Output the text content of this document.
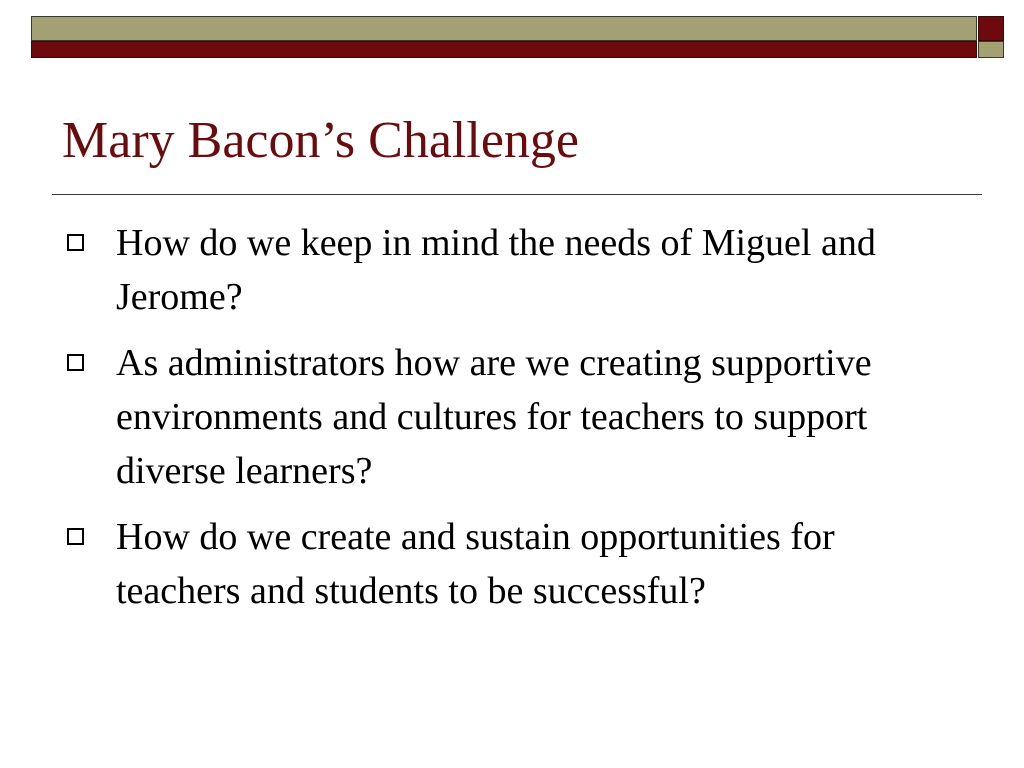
Mary Bacon’s Challenge
How do we keep in mind the needs of Miguel and Jerome?
As administrators how are we creating supportive environments and cultures for teachers to support diverse learners?
How do we create and sustain opportunities for teachers and students to be successful?
